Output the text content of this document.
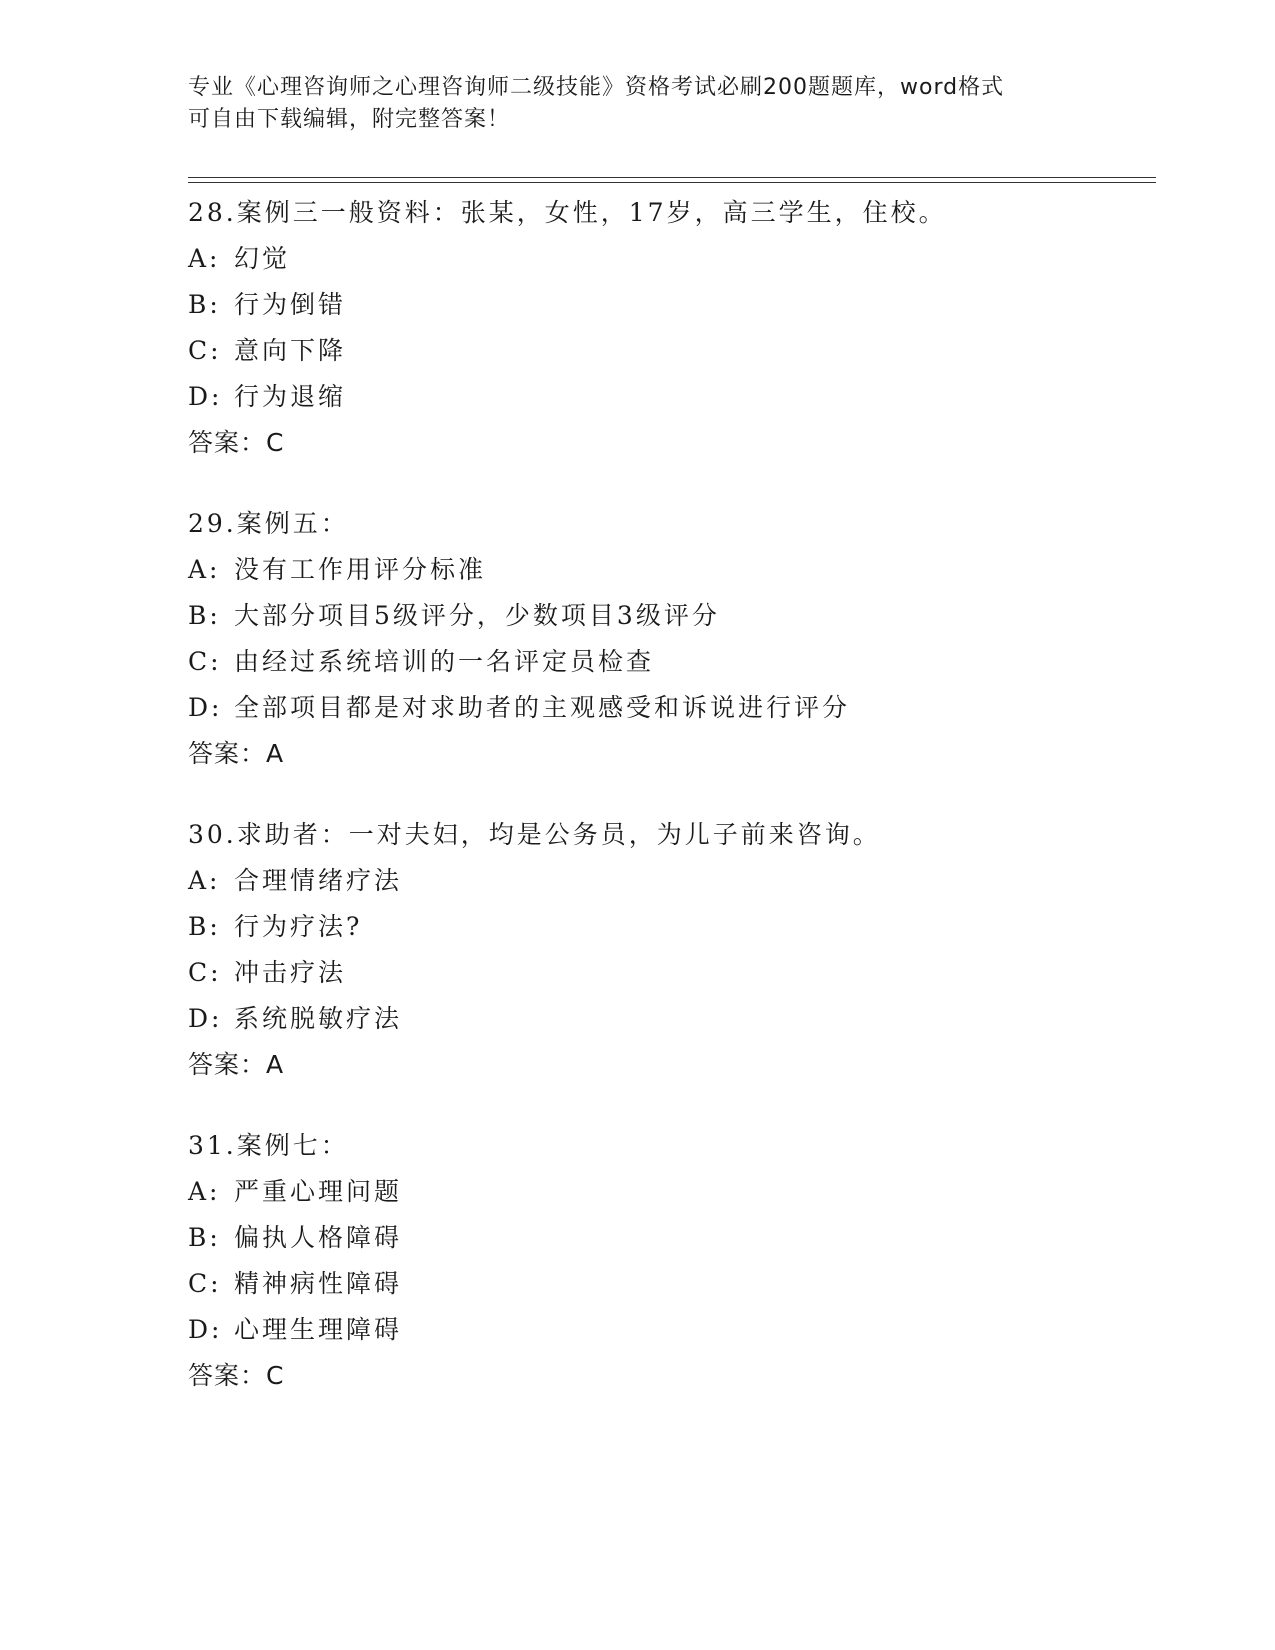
专业《心理咨询师之心理咨询师二级技能》资格考试必刷200题题库，word格式
可自由下载编辑，附完整答案！
28.案例三一般资料：张某，女性，17岁，高三学生，住校。
A: 幻觉
B: 行为倒错
C: 意向下降
D: 行为退缩
答案：C
29.案例五：
A: 没有工作用评分标准
B: 大部分项目5级评分，少数项目3级评分
C: 由经过系统培训的一名评定员检查
D: 全部项目都是对求助者的主观感受和诉说进行评分
答案：A
30.求助者：一对夫妇，均是公务员，为儿子前来咨询。
A: 合理情绪疗法
B: 行为疗法?
C: 冲击疗法
D: 系统脱敏疗法
答案：A
31.案例七：
A: 严重心理问题
B: 偏执人格障碍
C: 精神病性障碍
D: 心理生理障碍
答案：C
